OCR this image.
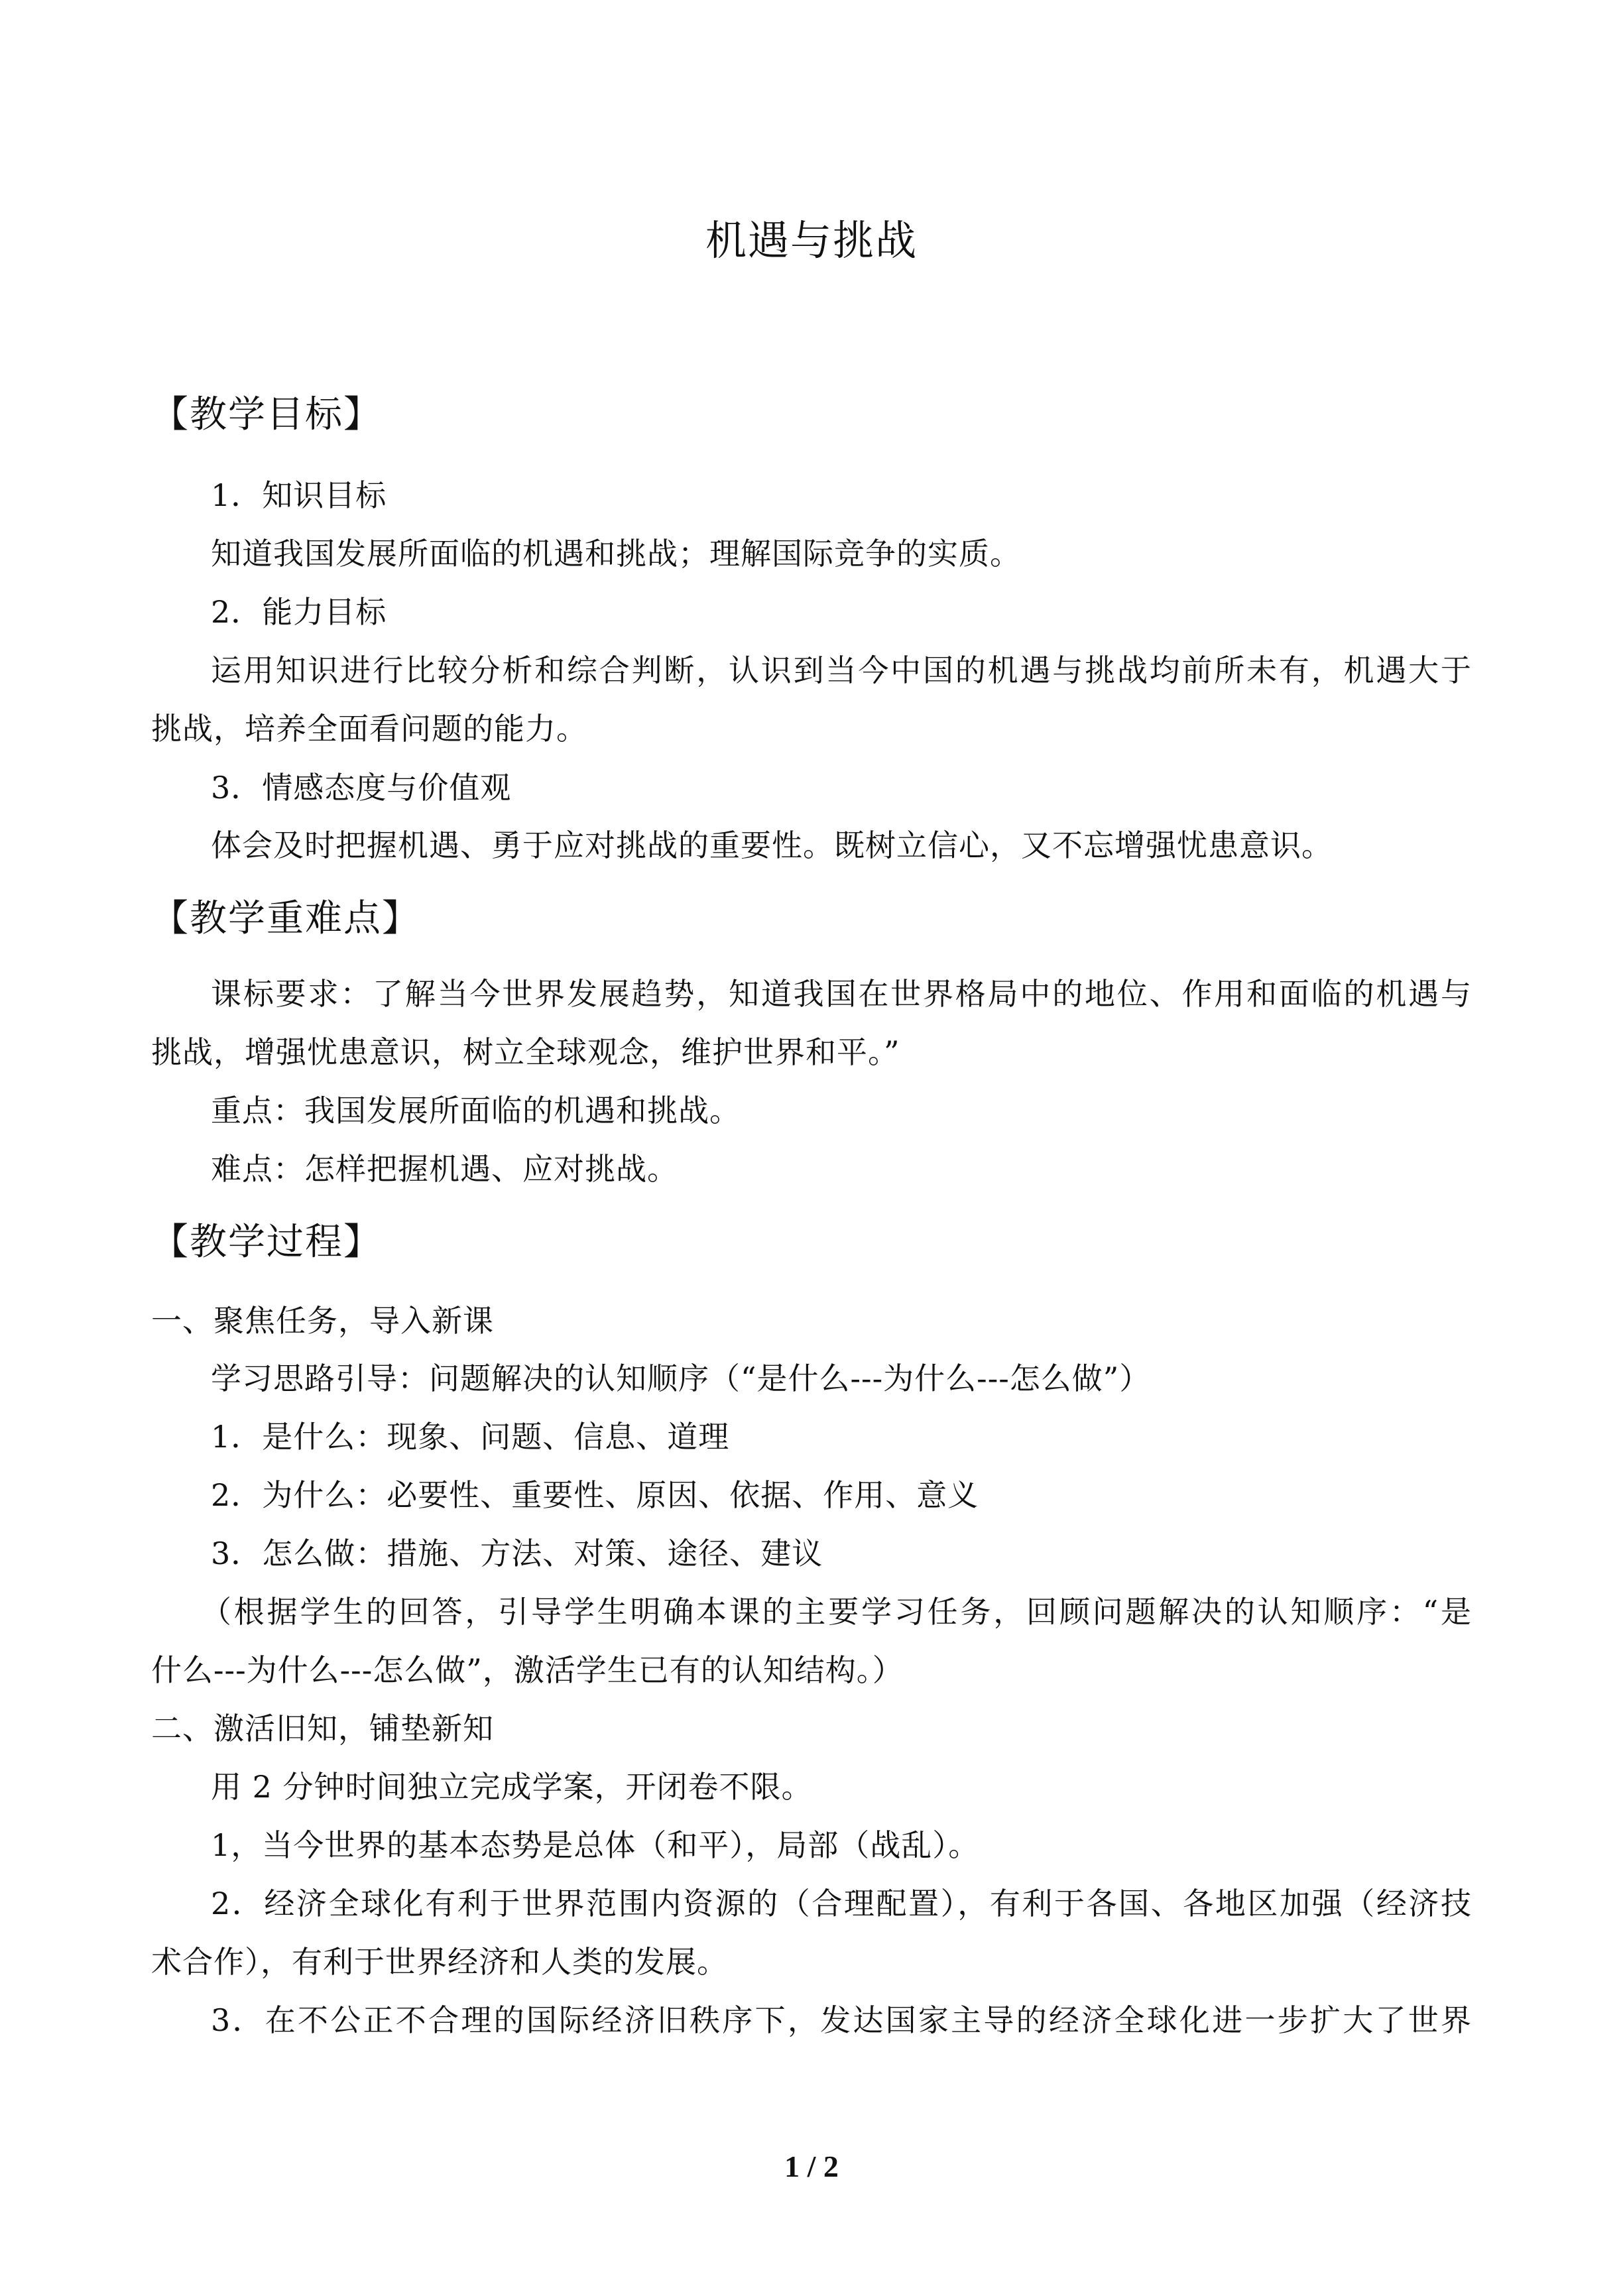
机遇与挑战
【教学目标】
1．知识目标
知道我国发展所面临的机遇和挑战；理解国际竞争的实质。
2．能力目标
运用知识进行比较分析和综合判断，认识到当今中国的机遇与挑战均前所未有，机遇大于
挑战，培养全面看问题的能力。
3．情感态度与价值观
体会及时把握机遇、勇于应对挑战的重要性。既树立信心，又不忘增强忧患意识。
【教学重难点】
课标要求：了解当今世界发展趋势，知道我国在世界格局中的地位、作用和面临的机遇与
挑战，增强忧患意识，树立全球观念，维护世界和平。”
重点：我国发展所面临的机遇和挑战。
难点：怎样把握机遇、应对挑战。
【教学过程】
一、聚焦任务，导入新课
学习思路引导：问题解决的认知顺序（“是什么---为什么---怎么做”）
1．是什么：现象、问题、信息、道理
2．为什么：必要性、重要性、原因、依据、作用、意义
3．怎么做：措施、方法、对策、途径、建议
（根据学生的回答，引导学生明确本课的主要学习任务，回顾问题解决的认知顺序：“是
什么---为什么---怎么做”，激活学生已有的认知结构。）
二、激活旧知，铺垫新知
用 2 分钟时间独立完成学案，开闭卷不限。
1，当今世界的基本态势是总体（和平），局部（战乱）。
2．经济全球化有利于世界范围内资源的（合理配置），有利于各国、各地区加强（经济技
术合作），有利于世界经济和人类的发展。
3．在不公正不合理的国际经济旧秩序下，发达国家主导的经济全球化进一步扩大了世界
1 / 2
